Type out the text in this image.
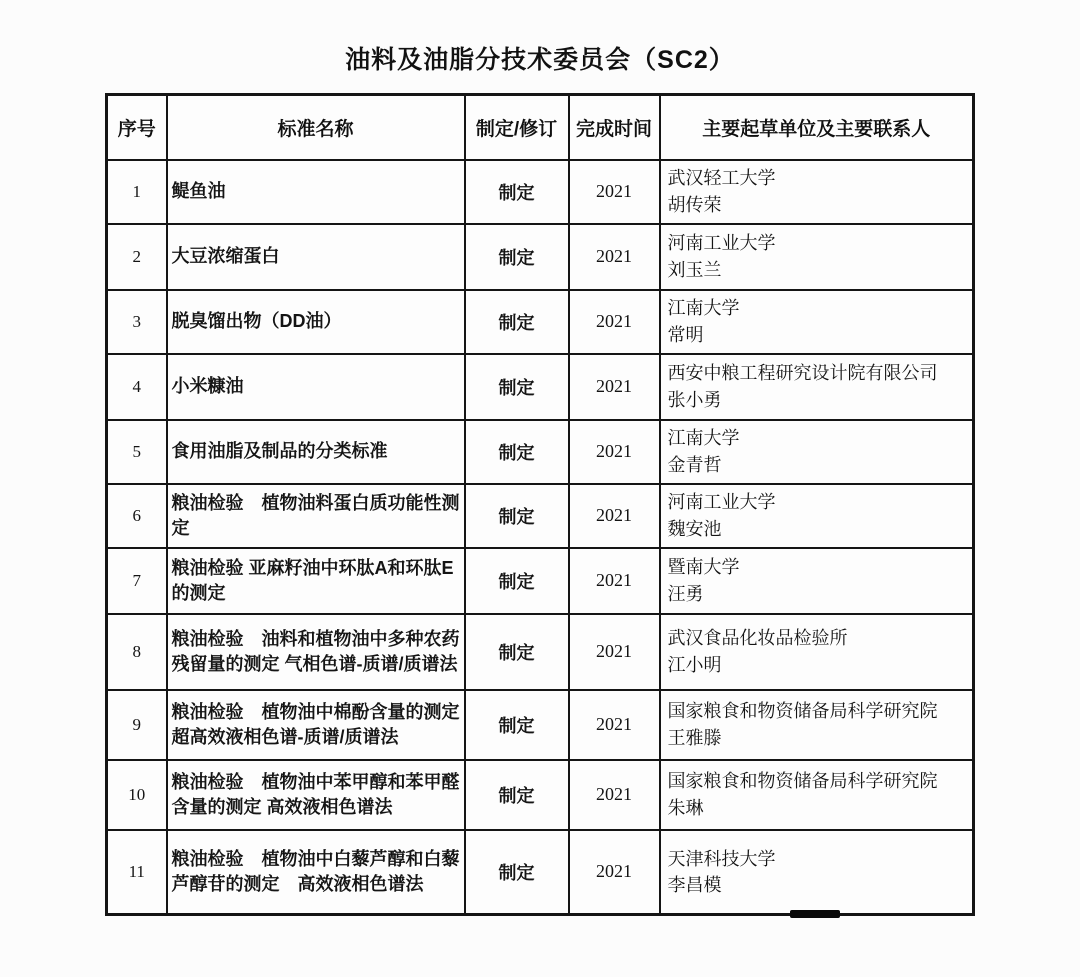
油料及油脂分技术委员会（SC2）
序号	标准名称	制定/修订	完成时间	主要起草单位及主要联系人
1	鳀鱼油	制定	2021	武汉轻工大学
胡传荣

2	大豆浓缩蛋白	制定	2021	河南工业大学
刘玉兰

3	脱臭馏出物（DD油）	制定	2021	江南大学
常明

4	小米糠油	制定	2021	西安中粮工程研究设计院有限公司
张小勇

5	食用油脂及制品的分类标准	制定	2021	江南大学
金青哲

6	粮油检验　植物油料蛋白质功能性测定	制定	2021	河南工业大学
魏安池

7	粮油检验 亚麻籽油中环肽A和环肽E的测定	制定	2021	暨南大学
汪勇

8	粮油检验　油料和植物油中多种农药残留量的测定 气相色谱-质谱/质谱法	制定	2021	武汉食品化妆品检验所
江小明

9	粮油检验　植物油中棉酚含量的测定 超高效液相色谱-质谱/质谱法	制定	2021	国家粮食和物资储备局科学研究院
王雅滕

10	粮油检验　植物油中苯甲醇和苯甲醛含量的测定 高效液相色谱法	制定	2021	国家粮食和物资储备局科学研究院
朱琳

11	粮油检验　植物油中白藜芦醇和白藜芦醇苷的测定　高效液相色谱法	制定	2021	天津科技大学
李昌模
